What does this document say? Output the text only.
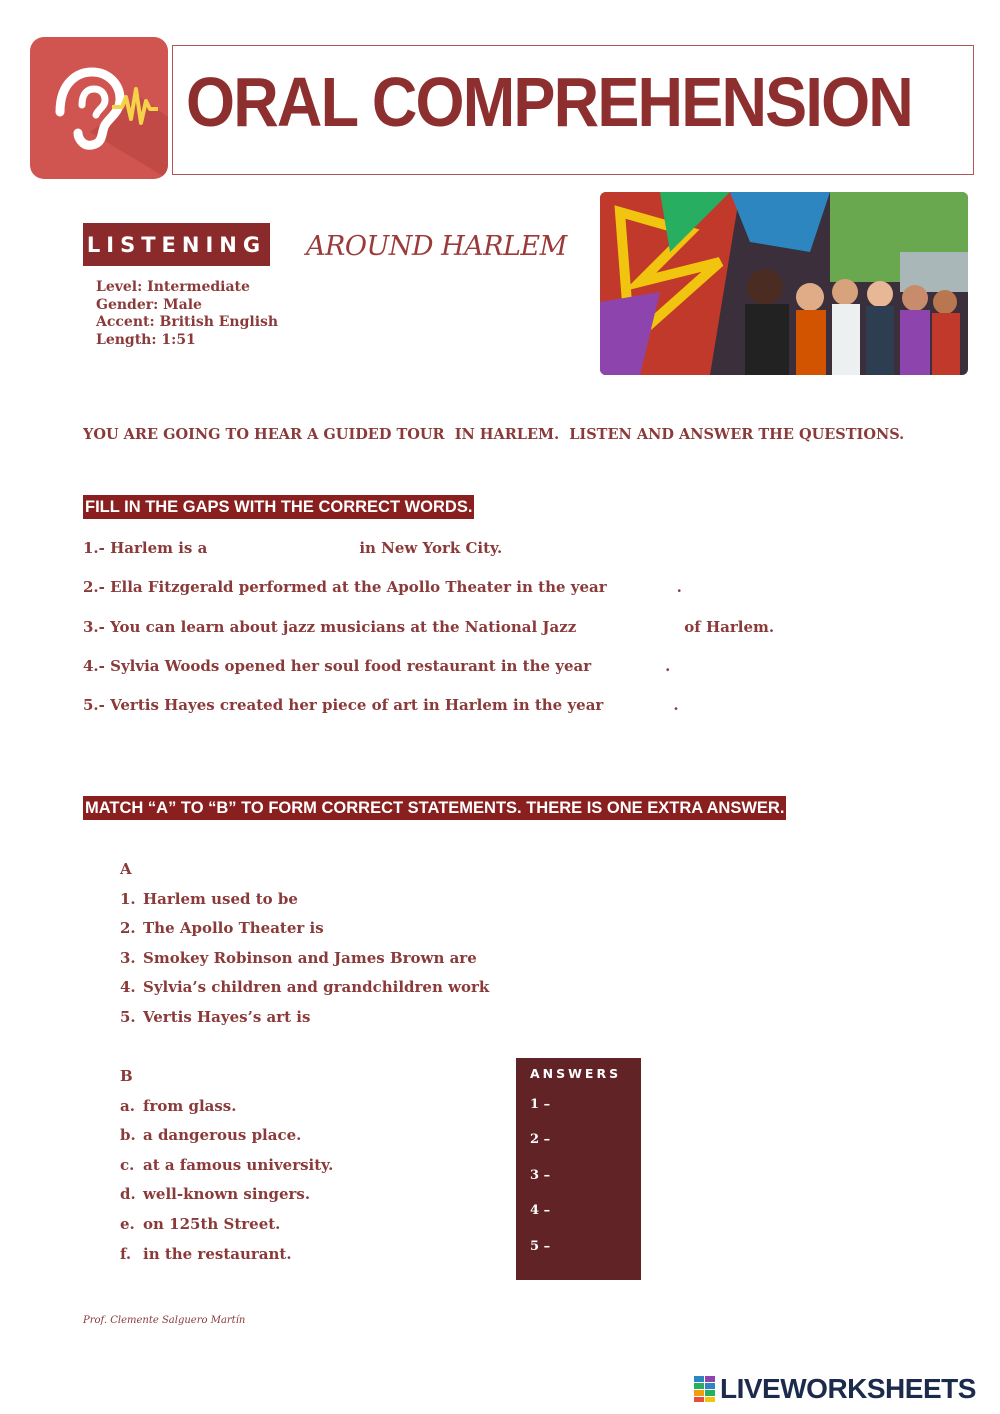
ORAL COMPREHENSION
LISTENING AROUND HARLEM
Level: Intermediate
Gender: Male
Accent: British English
Length: 1:51
YOU ARE GOING TO HEAR A GUIDED TOUR  IN HARLEM.  LISTEN AND ANSWER THE QUESTIONS.
FILL IN THE GAPS WITH THE CORRECT WORDS.
1.- Harlem is a	in New York City.
2.- Ella Fitzgerald performed at the Apollo Theater in the year	.
3.- You can learn about jazz musicians at the National Jazz	of Harlem.
4.- Sylvia Woods opened her soul food restaurant in the year	.
5.- Vertis Hayes created her piece of art in Harlem in the year	.
MATCH “A” TO “B” TO FORM CORRECT STATEMENTS. THERE IS ONE EXTRA ANSWER.
A
1. Harlem used to be
2. The Apollo Theater is
3. Smokey Robinson and James Brown are
4. Sylvia’s children and grandchildren work
5. Vertis Hayes’s art is
B
a. from glass.
b. a dangerous place.
c. at a famous university.
d. well-known singers.
e. on 125th Street.
f. in the restaurant.
ANSWERS
1 –
2 –
3 –
4 –
5 –
Prof. Clemente Salguero Martín
LIVEWORKSHEETS
